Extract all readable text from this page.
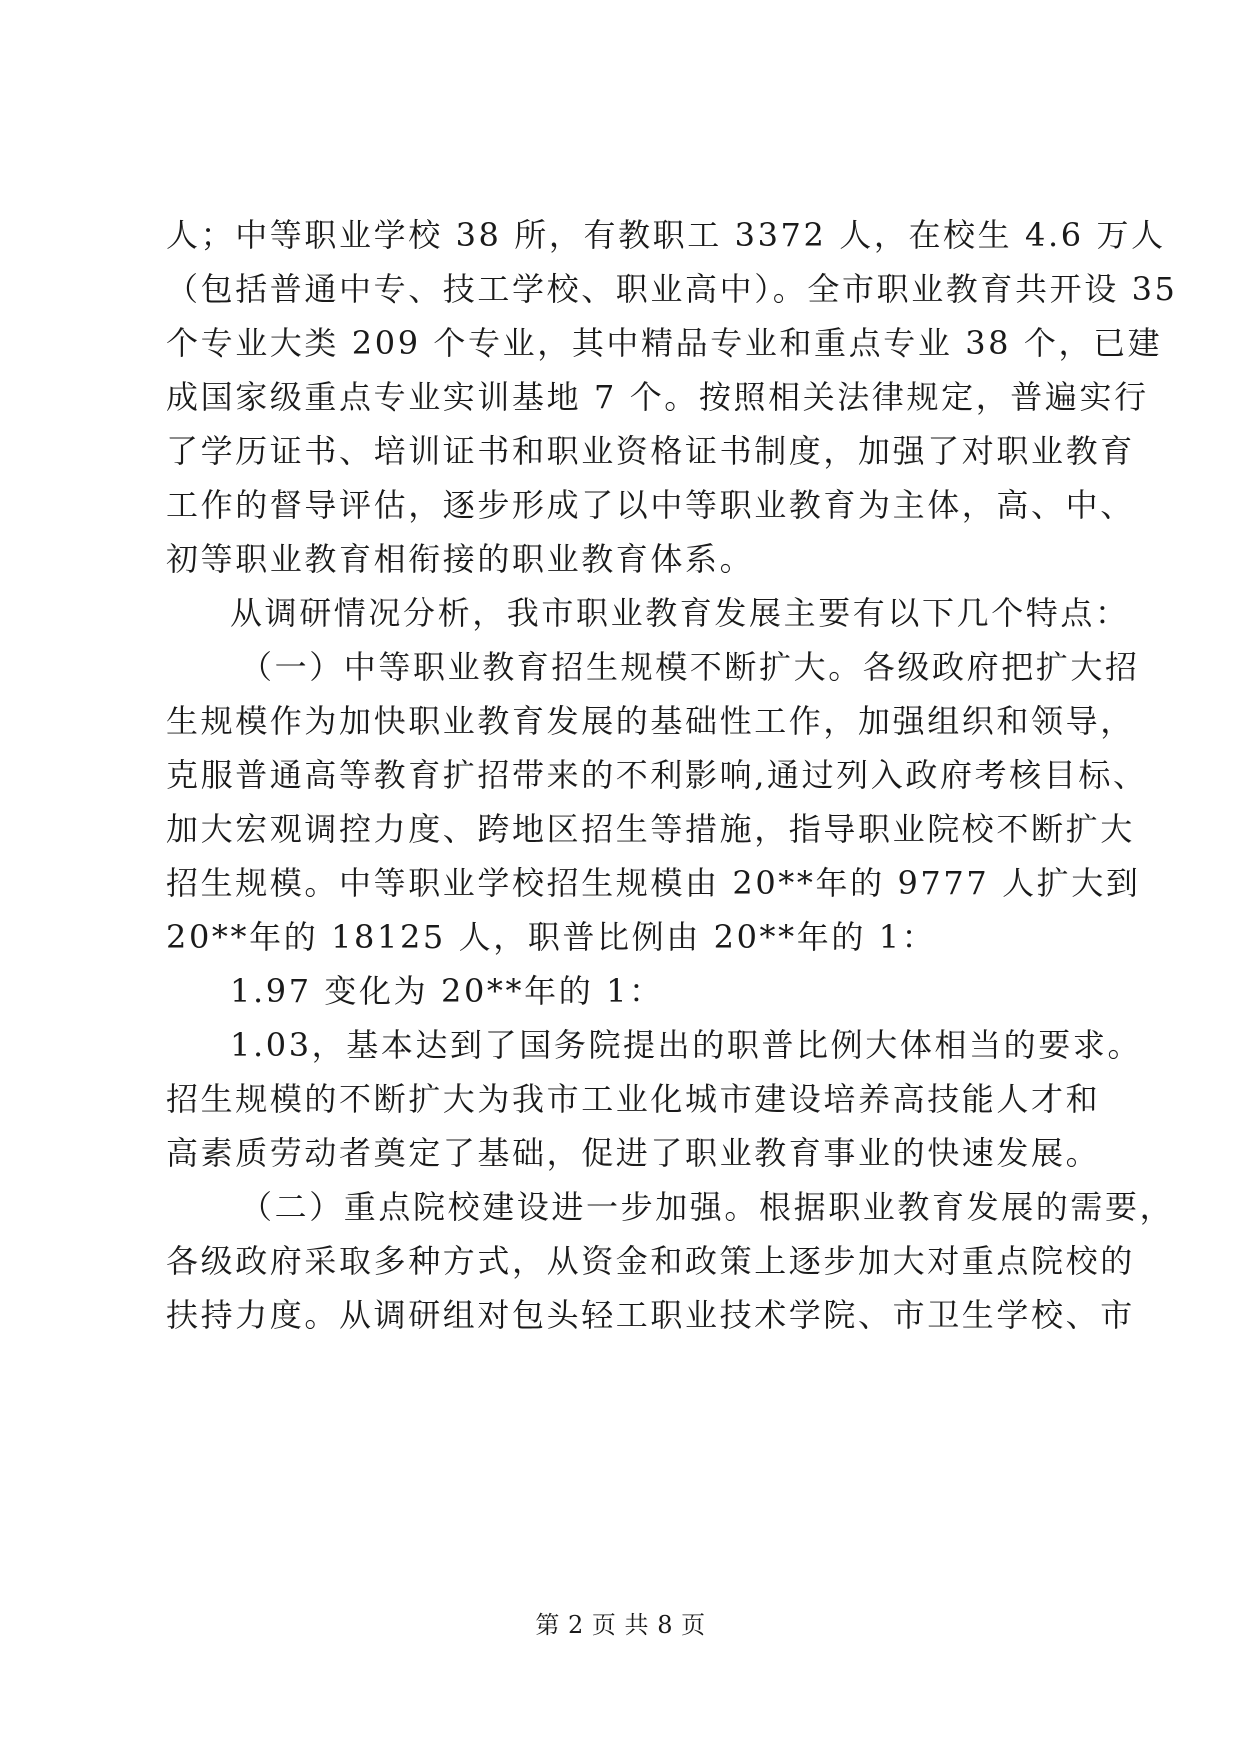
人；中等职业学校 38 所，有教职工 3372 人，在校生 4.6 万人
（包括普通中专、技工学校、职业高中）。全市职业教育共开设 35
个专业大类 209 个专业，其中精品专业和重点专业 38 个，已建
成国家级重点专业实训基地 7 个。按照相关法律规定，普遍实行
了学历证书、培训证书和职业资格证书制度，加强了对职业教育
工作的督导评估，逐步形成了以中等职业教育为主体，高、中、
初等职业教育相衔接的职业教育体系。
从调研情况分析，我市职业教育发展主要有以下几个特点：
（一）中等职业教育招生规模不断扩大。各级政府把扩大招
生规模作为加快职业教育发展的基础性工作，加强组织和领导，
克服普通高等教育扩招带来的不利影响,通过列入政府考核目标、
加大宏观调控力度、跨地区招生等措施，指导职业院校不断扩大
招生规模。中等职业学校招生规模由 20**年的 9777 人扩大到
20**年的 18125 人，职普比例由 20**年的 1：
1.97 变化为 20**年的 1：
1.03，基本达到了国务院提出的职普比例大体相当的要求。
招生规模的不断扩大为我市工业化城市建设培养高技能人才和
高素质劳动者奠定了基础，促进了职业教育事业的快速发展。
（二）重点院校建设进一步加强。根据职业教育发展的需要，
各级政府采取多种方式，从资金和政策上逐步加大对重点院校的
扶持力度。从调研组对包头轻工职业技术学院、市卫生学校、市
第 2 页 共 8 页
